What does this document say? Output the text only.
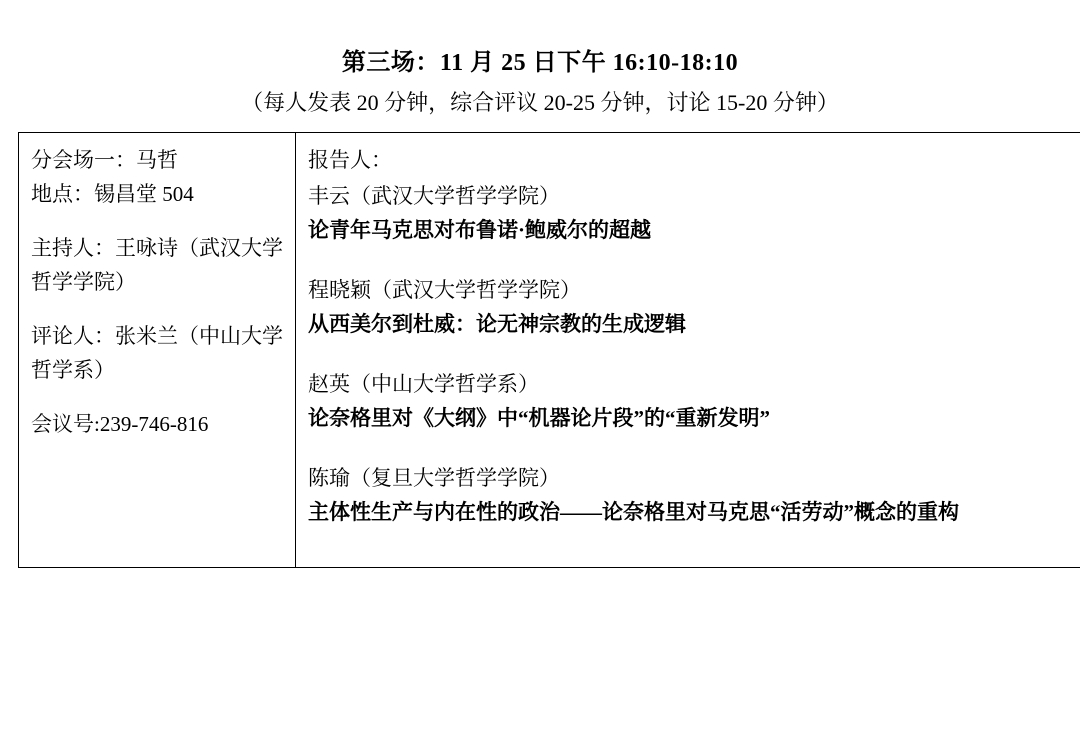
第三场：11 月 25 日下午 16:10-18:10
（每人发表 20 分钟，综合评议 20-25 分钟，讨论 15-20 分钟）
分会场一：马哲
地点：锡昌堂 504
主持人：王咏诗（武汉大学哲学学院）
评论人：张米兰（中山大学哲学系）
会议号:239-746-816

报告人：
丰云（武汉大学哲学学院）
论青年马克思对布鲁诺·鲍威尔的超越
程晓颖（武汉大学哲学学院）
从西美尔到杜威：论无神宗教的生成逻辑
赵英（中山大学哲学系）
论奈格里对《大纲》中“机器论片段”的“重新发明”
陈瑜（复旦大学哲学学院）
主体性生产与内在性的政治——论奈格里对马克思“活劳动”概念的重构
